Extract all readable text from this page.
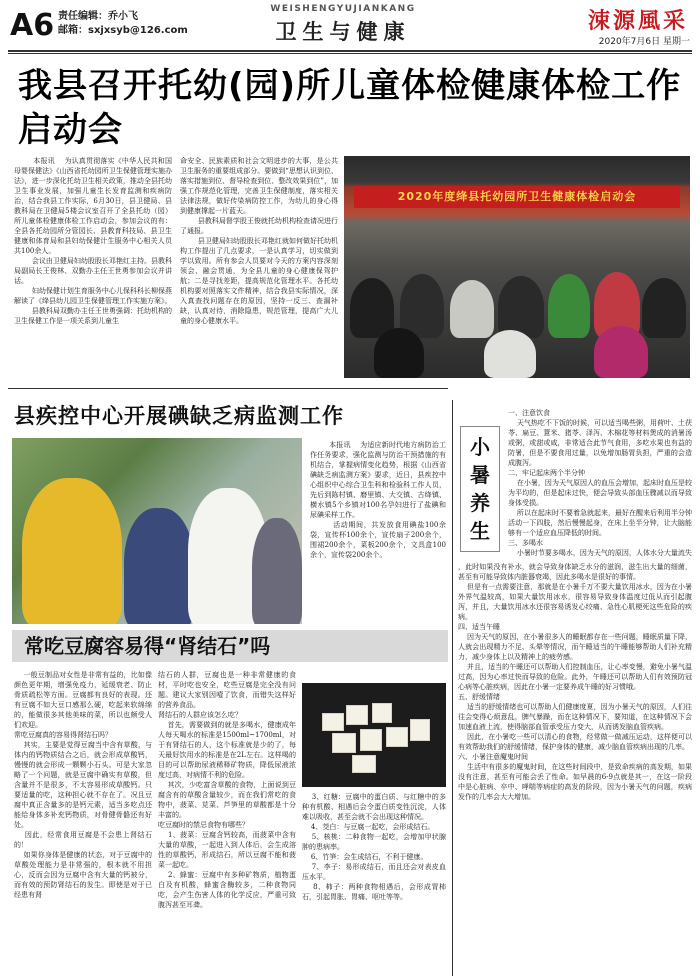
A6 责任编辑：乔小飞
邮箱：sxjxsyb@126.com
WEISHENGYUJIANKANG
卫生与健康	涑源風采
2020年7月6日 星期一
我县召开托幼(园)所儿童体检健康体检工作启动会
本报讯    为认真贯彻落实《中华人民共和国母婴保健法》《山西省托幼园所卫生保健管理实施办法》，进一步深化托幼卫生相关政策，推动全县托幼卫生事业发展，加强儿童生长发育监测和疾病防治，结合我县工作实际，6月30日，县卫健局、县教科局在卫健局5楼会议室召开了全县托幼（园）所儿童体检健康体检工作启动会，参加会议的有：全县各托幼园所分管园长、县教育科技局、县卫生健康和体育局和县妇幼保健计生服务中心相关人员共100余人。
会议由卫健局妇幼股股长邓艳红主持。县教科局副局长王俊林、双勤办主任王世勇参加会议并讲话。
妇幼保健计划生育服务中心儿保科科长柳保燕解读了《绛县幼儿园卫生保健管理工作实施方案》。
县教科局双勤办主任王世勇强调：托幼机构的卫生保健工作是一项关系到儿童生
命安全、民族素质和社会文明进步的大事，是公共卫生服务的重要组成部分。要做到“思想认识到位、落实措施到位、督导检查到位、整改效果到位”，加强工作规范化管理，完善卫生保健制度，落实相关法律法规，做好传染病防控工作，为幼儿的身心得到健康撑起一片蓝天。
县教科局督学股王俊就托幼机构检查请况进行了通报。
县卫健局妇幼股股长邓艳红就如何做好托幼机构工作提出了几点要求，一是认真学习，切实做到学以致用。所有参会人员要对今天的方案内容深刻领会、融会贯通，为全县儿童的身心健康保驾护航；二是寻找差距，提高规范化管理水平。各托幼机构要对照落实文件精神，结合我县实际情况，深入真查找问题存在的原因，坚持一反三、查漏补缺，认真对待，消除隐患，规范管理，提高广大儿童的身心健康水平。
2020年度绛县托幼园所卫生健康体检启动会
县疾控中心开展碘缺乏病监测工作
本报讯    为适应新时代地方病防治工作任务要求，强化监测与防治干预措施的有机结合，掌握病情变化趋势，根据《山西省碘缺乏病监测方案》要求，近日，县疾控中心组织中心综合卫生科和检验科工作人员，先后到陈村镇、磨里镇、大交镇、古绛镇、横水镇5个乡镇对100名孕妇进行了盐碘和尿碘采样工作。
活动期间，共发放食用碘盐100余袋，宣传杯100余个，宣传扇子200余个，围裙200余个，菜板200余个，文具盒100余个，宣传袋200余个。
常吃豆腐容易得“肾结石”吗
一般豆制品对女性是非常有益的，比如像颜色更年期，增强免疫力，延缓衰老、防止骨质疏松等方面。豆腐都有良好的表现。还有豆腐不如大豆口感那么硬，吃起来软绵绵的，能做很多其他美味的菜，所以也颇受人们欢迎。
常吃豆腐真的容易得肾结石吗？
其实，主要是觉得豆腐当中含有草酸，与体内的钙物质结合之后，就会形成草酸钙，慢慢的就会形成一颗颗小石头。可是大家忽略了一个问题，就是豆腐中确实有草酸，但含量并不是很多，不太容易形成草酸钙。只要适量的吃，这种担心就不存在了。况且豆腐中真正含量多的是钙元素，适当多吃点还能给身体多补充钙物质，对骨健骨骼还有好处。
因此，经常食用豆腐是不会患上肾结石的！
如果你身体是健康的状态，对于豆腐中的草酸处理能力是非常强的，根本就不用担心，反而会因为豆腐中含有大量的钙被分，而有效的预防肾结石的发生。即使是对于已经患有肾
结石的人群，豆腐也是一种非常健康的食材，平时吃也安全，吃些豆腐是完全没有问题。建议大家别因噎了饮食，而错失这样好的营养食品。
肾结石的人群应该怎么吃？
首先，需要做到的就是多喝水，健康成年人每天喝水的标准是1500ml~1700ml，对于有肾结石的人，这个标准就是少的了，每天最好饮用水的标准是在2L左右。这样喝的目的可以帮助尿液稀释矿物质，降低尿液浓度过高，对病情不利的危险。
其次，少吃富含草酸的食物，上面说到豆腐含有的草酸含量较少，而在我们常吃的食物中，菠菜、苋菜、芦笋里的草酸都是十分丰富的。
吃豆腐时的禁忌食物有哪些？
1、菠菜：豆腐含钙较高，而菠菜中含有大量的草酸，一起进入到人体后，会生成溶性的草酸钙，形成结石，所以豆腐不能和菠菜一起吃。
2、蜂蜜：豆腐中有多种矿物质，植物蛋白及有机酸，蜂蜜含酶较多，二种食物同吃，会产生伤害人体的化学反应，严重可致腹泻甚至耳聋。
3、红糖：豆腐中的蛋白质、与红糖中的多种有机酸、相遇后会令蛋白质变性沉淀，人体难以吸收，甚至会就不会出现这种情况。
4、茭白：与豆腐一起吃，会形成结石。
5、核桃：二种食物一起吃，会增加甲状腺肿的患病率。
6、竹笋：会生成结石，不利于健康。
7、李子：易形成结石，而且还会对表皮血压水平。
8、柿子：两种食物相遇后，会形成胃柿石，引起胃胀、胃痛、呕吐等等。
小暑养生
一、注意饮食
天气热吃不下饭的时候，可以适当喝些粥，用荷叶、土茯苓、扁豆、薏米、猪苓、泽泻、木棉花等材料煲成的消暑汤或粥，或甜或咸，非常适合此节气食用，多吃水果也有益的防暑，但是不要食用过量，以免增加肠胃负担，严重的会造成腹泻。
二、牢记起床两个半分钟
在小暑，因为天气原因人的血压会增加，起床时血压是较为平均的，但是起床过快，便会导致头部血压骤减以而导致身体受损。
所以在起床时不要着急就起来，最好在醒来后利用半分钟活动一下四肢，然后慢慢起身，在床上坐半分钟，让大脑能够有一个适应血压降低的时间。
三、多喝水
小暑时节要多喝水，因为天气的原因，人体水分大量流失
，此时如果没有补水，就会导致身体缺乏水分的滋润，滋生出大量的细菌，甚至有可能导致体内脏器衰竭，因此多喝水是很好的事情。
但是有一点需要注意，那就是在小暑千万不要大量饮用冰水，因为在小暑外界气温较高，如果大量饮用冰水，很容易导致身体温度过低从而引起腹泻，并且，大量饮用冰水还很容易诱发心绞痛、急性心肌梗死这些危险的疾病。
四、适当午睡
因为天气的原因，在小暑很多人的睡眠都存在一些问题，睡眠质量下降，人就会出现精力不足、头晕等情况，而午睡适当的午睡能够帮助人们补充精力，减少身体上以及精神上的疲劳感。
并且，适当的午睡还可以帮助人们控制血压，让心率变慢，避免小暑气温过高，因为心率过快而导致的危险。此外，午睡还可以帮助人们有效预防冠心病等心脏疾病，因此在小暑一定要养成午睡的好习惯哦。
五、舒缓情绪
适当的舒缓情绪也可以帮助人们健康度夏，因为小暑天气的原因，人们往往会变得心烦意乱，脾气暴躁，而在这种情况下，要知道，在这种情况下会加速血液上流，使得脑部血管承受压力变大，从而诱发脑血管疾病。
因此，在小暑吃一些可以清心的食物，经常做一做减压运动，这样便可以有效帮助我们的舒缓情绪，保护身体的健康，减少脑血管疾病出现的几率。
六、小暑注意魔鬼时间
生活中有很多的魔鬼时间，在这些时间段中，是致命疾病的高发期，如果没有注意，甚至有可能会丢了性命。如早晨的6-9点就是其一，在这一阶段中是心脏病、卒中、哮喘等病症的高发的阶段，因为小暑天气的问题，疾病发作的几率会大大增加。
